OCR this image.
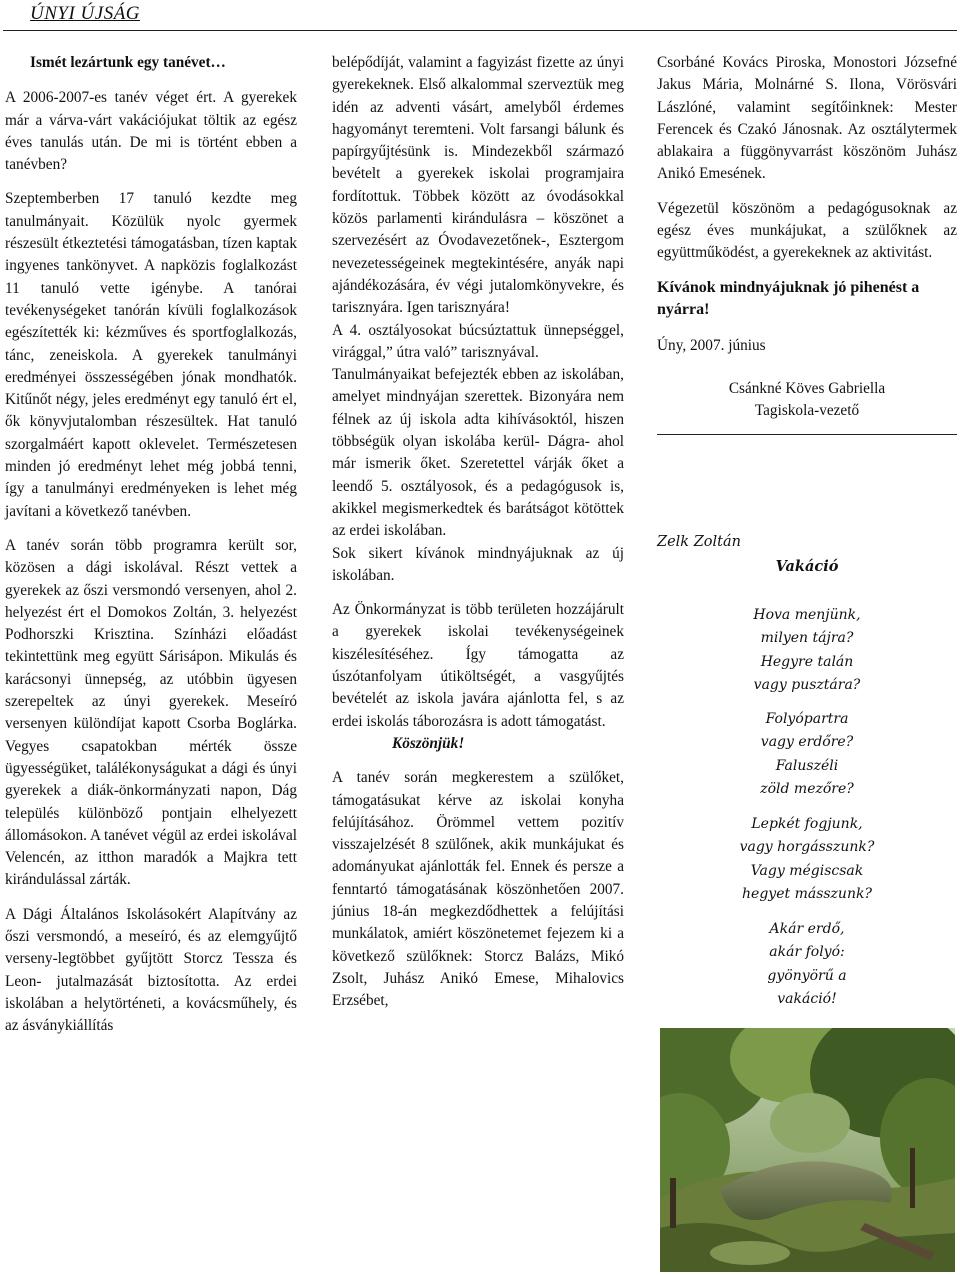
ÚNYI ÚJSÁG

Ismét lezártunk egy tanévet…

A 2006-2007-es tanév véget ért. A gyerekek már a várva-várt vakációjukat töltik az egész éves tanulás után. De mi is történt ebben a tanévben?

Szeptemberben 17 tanuló kezdte meg tanulmányait. Közülük nyolc gyermek részesült étkeztetési támogatásban, tízen kaptak ingyenes tankönyvet. A napközis foglalkozást 11 tanuló vette igénybe. A tanórai tevékenységeket tanórán kívüli foglalkozások egészítették ki: kézműves és sportfoglalkozás, tánc, zeneiskola. A gyerekek tanulmányi eredményei összességében jónak mondhatók. Kitűnőt négy, jeles eredményt egy tanuló ért el, ők könyvjutalomban részesültek. Hat tanuló szorgalmáért kapott oklevelet. Természetesen minden jó eredményt lehet még jobbá tenni, így a tanulmányi eredményeken is lehet még javítani a következő tanévben.

A tanév során több programra került sor, közösen a dági iskolával. Részt vettek a gyerekek az őszi versmondó versenyen, ahol 2. helyezést ért el Domokos Zoltán, 3. helyezést Podhorszki Krisztina. Színházi előadást tekintettünk meg együtt Sárisápon. Mikulás és karácsonyi ünnepség, az utóbbin ügyesen szerepeltek az únyi gyerekek. Meseíró versenyen különdíjat kapott Csorba Boglárka. Vegyes csapatokban mérték össze ügyességüket, találékonyságukat a dági és únyi gyerekek a diák-önkormányzati napon, Dág település különböző pontjain elhelyezett állomásokon. A tanévet végül az erdei iskolával Velencén, az itthon maradók a Majkra tett kirándulással zárták.

A Dági Általános Iskolásokért Alapítvány az őszi versmondó, a meseíró, és az elemgyűjtő verseny-legtöbbet gyűjtött Storcz Tessza és Leon- jutalmazását biztosította. Az erdei iskolában a helytörténeti, a kovácsműhely, és az ásványkiállítás

belépődíját, valamint a fagyizást fizette az únyi gyerekeknek. Első alkalommal szerveztük meg idén az adventi vásárt, amelyből érdemes hagyományt teremteni. Volt farsangi bálunk és papírgyűjtésünk is. Mindezekből származó bevételt a gyerekek iskolai programjaira fordítottuk. Többek között az óvodásokkal közös parlamenti kirándulásra – köszönet a szervezésért az Óvodavezetőnek-, Esztergom nevezetességeinek megtekintésére, anyák napi ajándékozására, év végi jutalomkönyvekre, és tarisznyára. Igen tarisznyára!

A 4. osztályosokat búcsúztattuk ünnepséggel, virággal,” útra való” tarisznyával.

Tanulmányaikat befejezték ebben az iskolában, amelyet mindnyájan szerettek. Bizonyára nem félnek az új iskola adta kihívásoktól, hiszen többségük olyan iskolába kerül- Dágra- ahol már ismerik őket. Szeretettel várják őket a leendő 5. osztályosok, és a pedagógusok is, akikkel megismerkedtek és barátságot kötöttek az erdei iskolában.

Sok sikert kívánok mindnyájuknak az új iskolában.

Az Önkormányzat is több területen hozzájárult a gyerekek iskolai tevékenységeinek kiszélesítéséhez. Így támogatta az úszótanfolyam útiköltségét, a vasgyűjtés bevételét az iskola javára ajánlotta fel, s az erdei iskolás táborozásra is adott támogatást.

Köszönjük!

A tanév során megkerestem a szülőket, támogatásukat kérve az iskolai konyha felújításához. Örömmel vettem pozitív visszajelzését 8 szülőnek, akik munkájukat és adományukat ajánlották fel. Ennek és persze a fenntartó támogatásának köszönhetően 2007. június 18-án megkezdődhettek a felújítási munkálatok, amiért köszönetemet fejezem ki a következő szülőknek: Storcz Balázs, Mikó Zsolt, Juhász Anikó Emese, Mihalovics Erzsébet,

Csorbáné Kovács Piroska, Monostori Józsefné Jakus Mária, Molnárné S. Ilona, Vörösvári Lászlóné, valamint segítőinknek: Mester Ferencek és Czakó Jánosnak. Az osztálytermek ablakaira a függönyvarrást köszönöm Juhász Anikó Emesének.

Végezetül köszönöm a pedagógusoknak az egész éves munkájukat, a szülőknek az együttműködést, a gyerekeknek az aktivitást.

Kívánok mindnyájuknak jó pihenést a nyárra!

Úny, 2007. június

Csánkné Köves Gabriella

Tagiskola-vezető

Zelk Zoltán
Vakáció
Hova menjünk,
milyen tájra?
Hegyre talán
vagy pusztára?
Folyópartra
vagy erdőre?
Faluszéli
zöld mezőre?
Lepkét fogjunk,
vagy horgásszunk?
Vagy mégiscsak
hegyet másszunk?
Akár erdő,
akár folyó:
gyönyörű a
vakáció!
